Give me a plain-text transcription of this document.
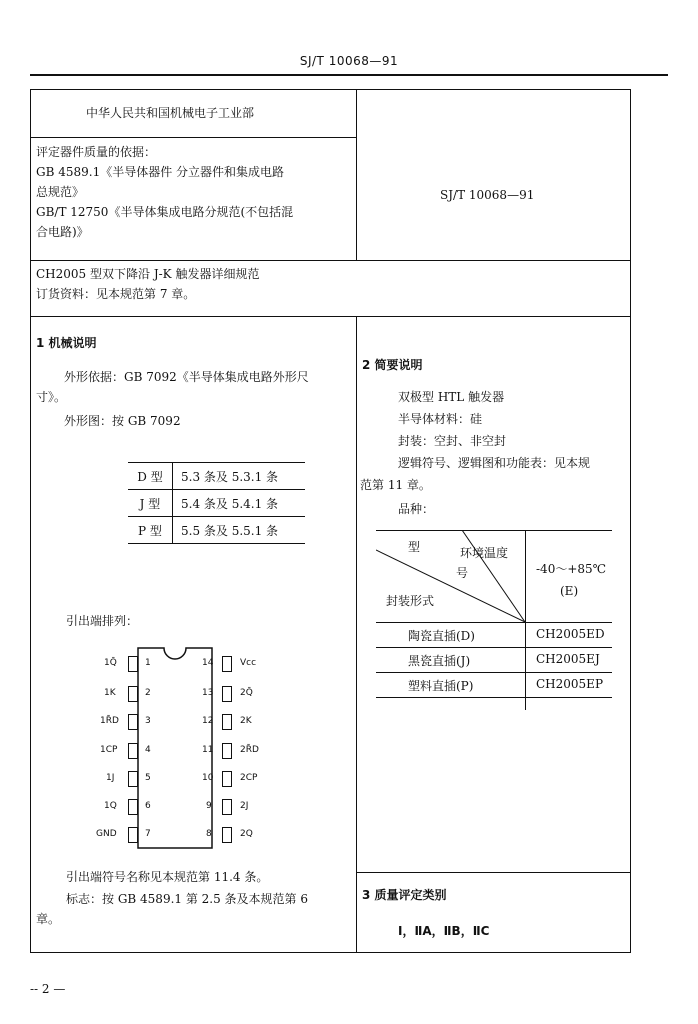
SJ/T 10068—91
中华人民共和国机械电子工业部
评定器件质量的依据：
GB 4589.1《半导体器件 分立器件和集成电路
总规范》
GB/T 12750《半导体集成电路分规范(不包括混
合电路)》
SJ/T 10068—91
CH2005 型双下降沿 J-K 触发器详细规范
订货资料：见本规范第 7 章。
1 机械说明
外形依据：GB 7092《半导体集成电路外形尺
寸》。
外形图：按 GB 7092
D 型	5.3 条及 5.3.1 条
J 型	5.4 条及 5.4.1 条
P 型	5.5 条及 5.5.1 条
引出端排列：
1Q̄	1
1K	2
1R̄D	3
1CP	4
1J	5
1Q	6
GND	7
14	Vcc
13	2Q̄
12	2K
11	2R̄D
10	2CP
9	2J
8	2Q
引出端符号名称见本规范第 11.4 条。
标志：按 GB 4589.1 第 2.5 条及本规范第 6
章。
2 简要说明
双极型 HTL 触发器
半导体材料：硅
封装：空封、非空封
逻辑符号、逻辑图和功能表：见本规
范第 11 章。
品种：
型	环境温度
号
封装形式
-40～+85℃
(E)
陶瓷直插(D)	CH2005ED
黑瓷直插(J)	CH2005EJ
塑料直插(P)	CH2005EP
3 质量评定类别
Ⅰ，ⅡA，ⅡB，ⅡC
-- 2 —
